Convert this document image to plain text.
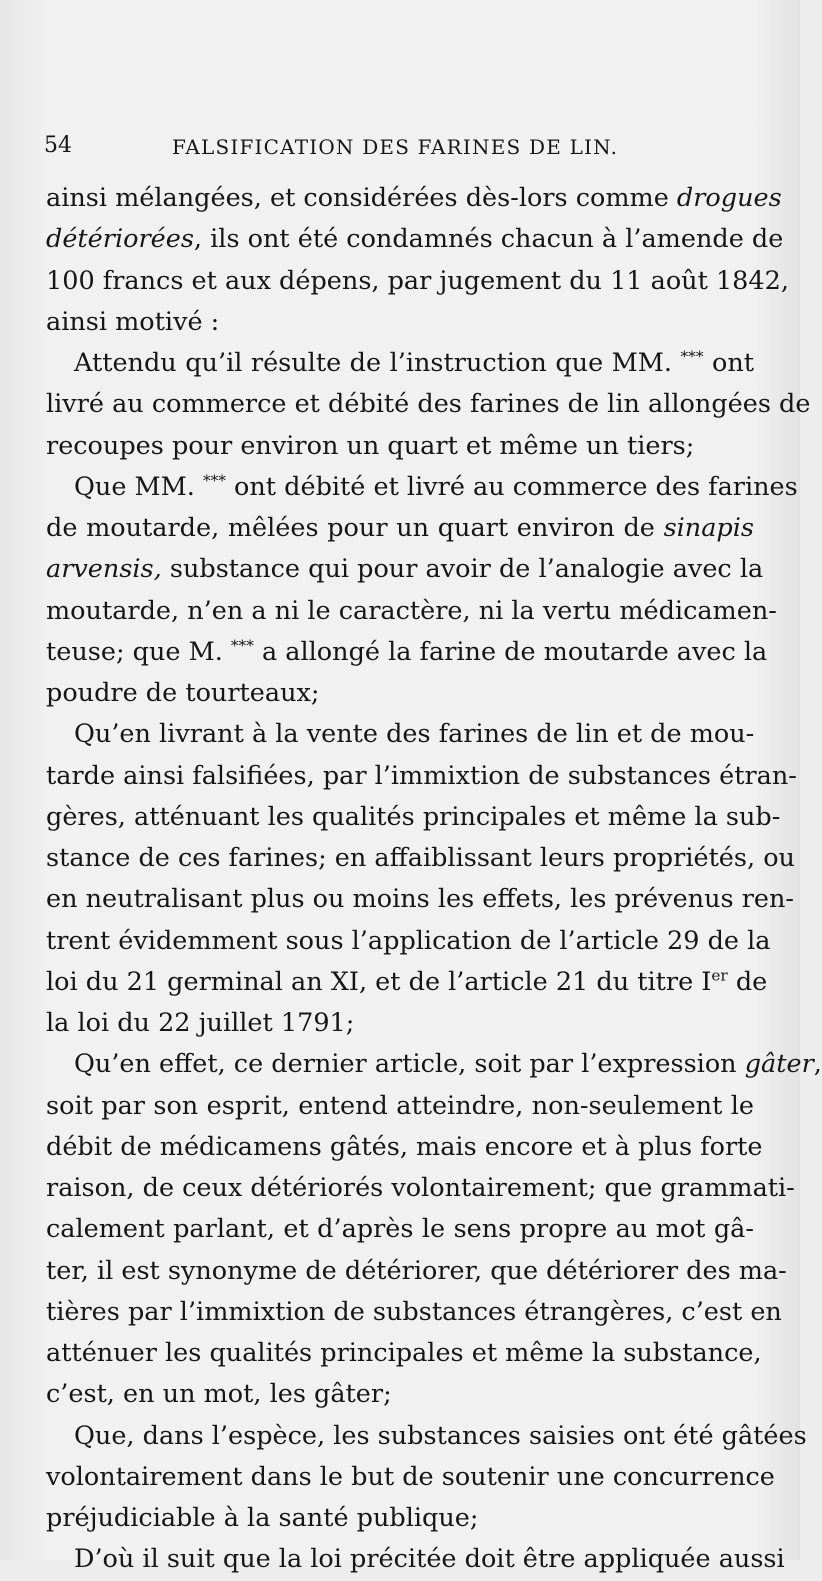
54	FALSIFICATION DES FARINES DE LIN.
ainsi mélangées, et considérées dès-lors comme drogues
détériorées, ils ont été condamnés chacun à l’amende de
100 francs et aux dépens, par jugement du 11 août 1842,
ainsi motivé :
Attendu qu’il résulte de l’instruction que MM. *** ont
livré au commerce et débité des farines de lin allongées de
recoupes pour environ un quart et même un tiers;
Que MM. *** ont débité et livré au commerce des farines
de moutarde, mêlées pour un quart environ de sinapis
arvensis, substance qui pour avoir de l’analogie avec la
moutarde, n’en a ni le caractère, ni la vertu médicamen-
teuse; que M. *** a allongé la farine de moutarde avec la
poudre de tourteaux;
Qu’en livrant à la vente des farines de lin et de mou-
tarde ainsi falsifiées, par l’immixtion de substances étran-
gères, atténuant les qualités principales et même la sub-
stance de ces farines; en affaiblissant leurs propriétés, ou
en neutralisant plus ou moins les effets, les prévenus ren-
trent évidemment sous l’application de l’article 29 de la
loi du 21 germinal an XI, et de l’article 21 du titre Ier de
la loi du 22 juillet 1791;
Qu’en effet, ce dernier article, soit par l’expression gâter,
soit par son esprit, entend atteindre, non-seulement le
débit de médicamens gâtés, mais encore et à plus forte
raison, de ceux détériorés volontairement; que grammati-
calement parlant, et d’après le sens propre au mot gâ-
ter, il est synonyme de détériorer, que détériorer des ma-
tières par l’immixtion de substances étrangères, c’est en
atténuer les qualités principales et même la substance,
c’est, en un mot, les gâter;
Que, dans l’espèce, les substances saisies ont été gâtées
volontairement dans le but de soutenir une concurrence
préjudiciable à la santé publique;
D’où il suit que la loi précitée doit être appliquée aussi
